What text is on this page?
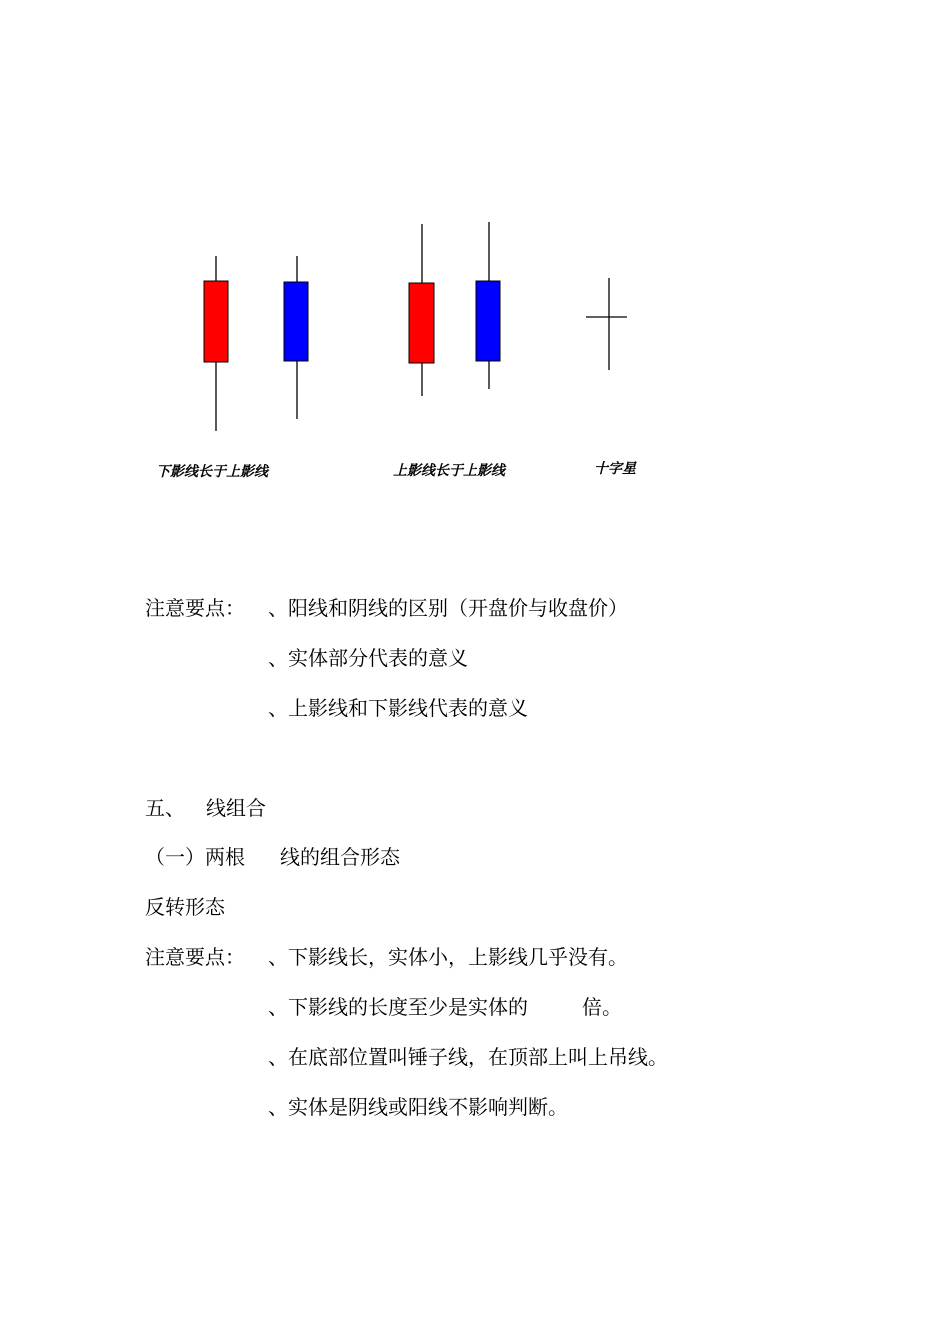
下影线长于上影线	上影线长于上影线	十字星
注意要点： 、阳线和阴线的区别（开盘价与收盘价）
、实体部分代表的意义
、上影线和下影线代表的意义
五、 线组合
（一）两根 线的组合形态
反转形态
注意要点： 、下影线长，实体小，上影线几乎没有。
、下影线的长度至少是实体的	倍。
、在底部位置叫锤子线，在顶部上叫上吊线。
、实体是阴线或阳线不影响判断。
